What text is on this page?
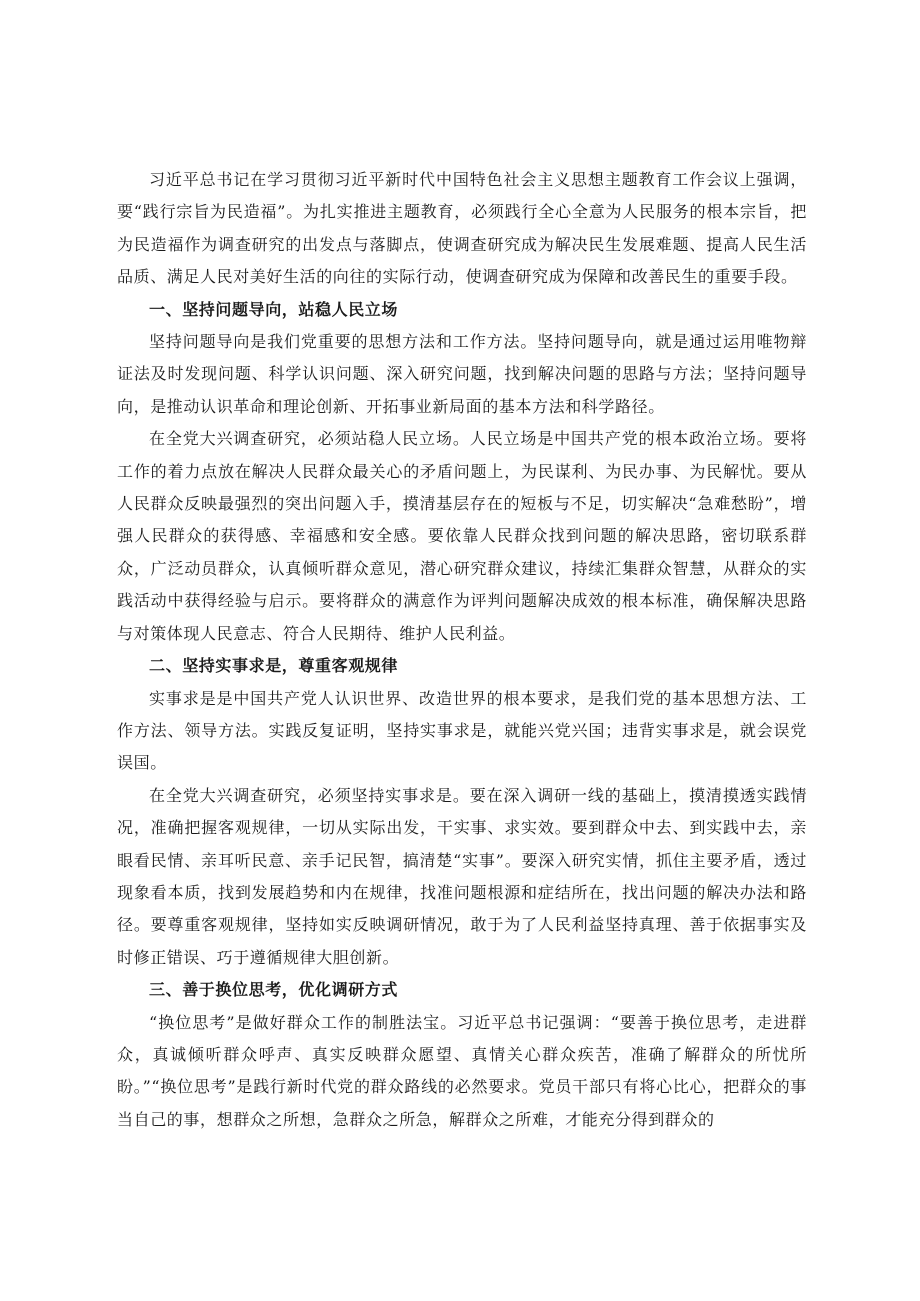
习近平总书记在学习贯彻习近平新时代中国特色社会主义思想主题教育工作会议上强调，要“践行宗旨为民造福”。为扎实推进主题教育，必须践行全心全意为人民服务的根本宗旨，把为民造福作为调查研究的出发点与落脚点，使调查研究成为解决民生发展难题、提高人民生活品质、满足人民对美好生活的向往的实际行动，使调查研究成为保障和改善民生的重要手段。

一、坚持问题导向，站稳人民立场

坚持问题导向是我们党重要的思想方法和工作方法。坚持问题导向，就是通过运用唯物辩证法及时发现问题、科学认识问题、深入研究问题，找到解决问题的思路与方法；坚持问题导向，是推动认识革命和理论创新、开拓事业新局面的基本方法和科学路径。

在全党大兴调查研究，必须站稳人民立场。人民立场是中国共产党的根本政治立场。要将工作的着力点放在解决人民群众最关心的矛盾问题上，为民谋利、为民办事、为民解忧。要从人民群众反映最强烈的突出问题入手，摸清基层存在的短板与不足，切实解决“急难愁盼”，增强人民群众的获得感、幸福感和安全感。要依靠人民群众找到问题的解决思路，密切联系群众，广泛动员群众，认真倾听群众意见，潜心研究群众建议，持续汇集群众智慧，从群众的实践活动中获得经验与启示。要将群众的满意作为评判问题解决成效的根本标准，确保解决思路与对策体现人民意志、符合人民期待、维护人民利益。

二、坚持实事求是，尊重客观规律

实事求是是中国共产党人认识世界、改造世界的根本要求，是我们党的基本思想方法、工作方法、领导方法。实践反复证明，坚持实事求是，就能兴党兴国；违背实事求是，就会误党误国。

在全党大兴调查研究，必须坚持实事求是。要在深入调研一线的基础上，摸清摸透实践情况，准确把握客观规律，一切从实际出发，干实事、求实效。要到群众中去、到实践中去，亲眼看民情、亲耳听民意、亲手记民智，搞清楚“实事”。要深入研究实情，抓住主要矛盾，透过现象看本质，找到发展趋势和内在规律，找准问题根源和症结所在，找出问题的解决办法和路径。要尊重客观规律，坚持如实反映调研情况，敢于为了人民利益坚持真理、善于依据事实及时修正错误、巧于遵循规律大胆创新。

三、善于换位思考，优化调研方式

“换位思考”是做好群众工作的制胜法宝。习近平总书记强调：“要善于换位思考，走进群众，真诚倾听群众呼声、真实反映群众愿望、真情关心群众疾苦，准确了解群众的所忧所盼。”“换位思考”是践行新时代党的群众路线的必然要求。党员干部只有将心比心，把群众的事当自己的事，想群众之所想，急群众之所急，解群众之所难，才能充分得到群众的
